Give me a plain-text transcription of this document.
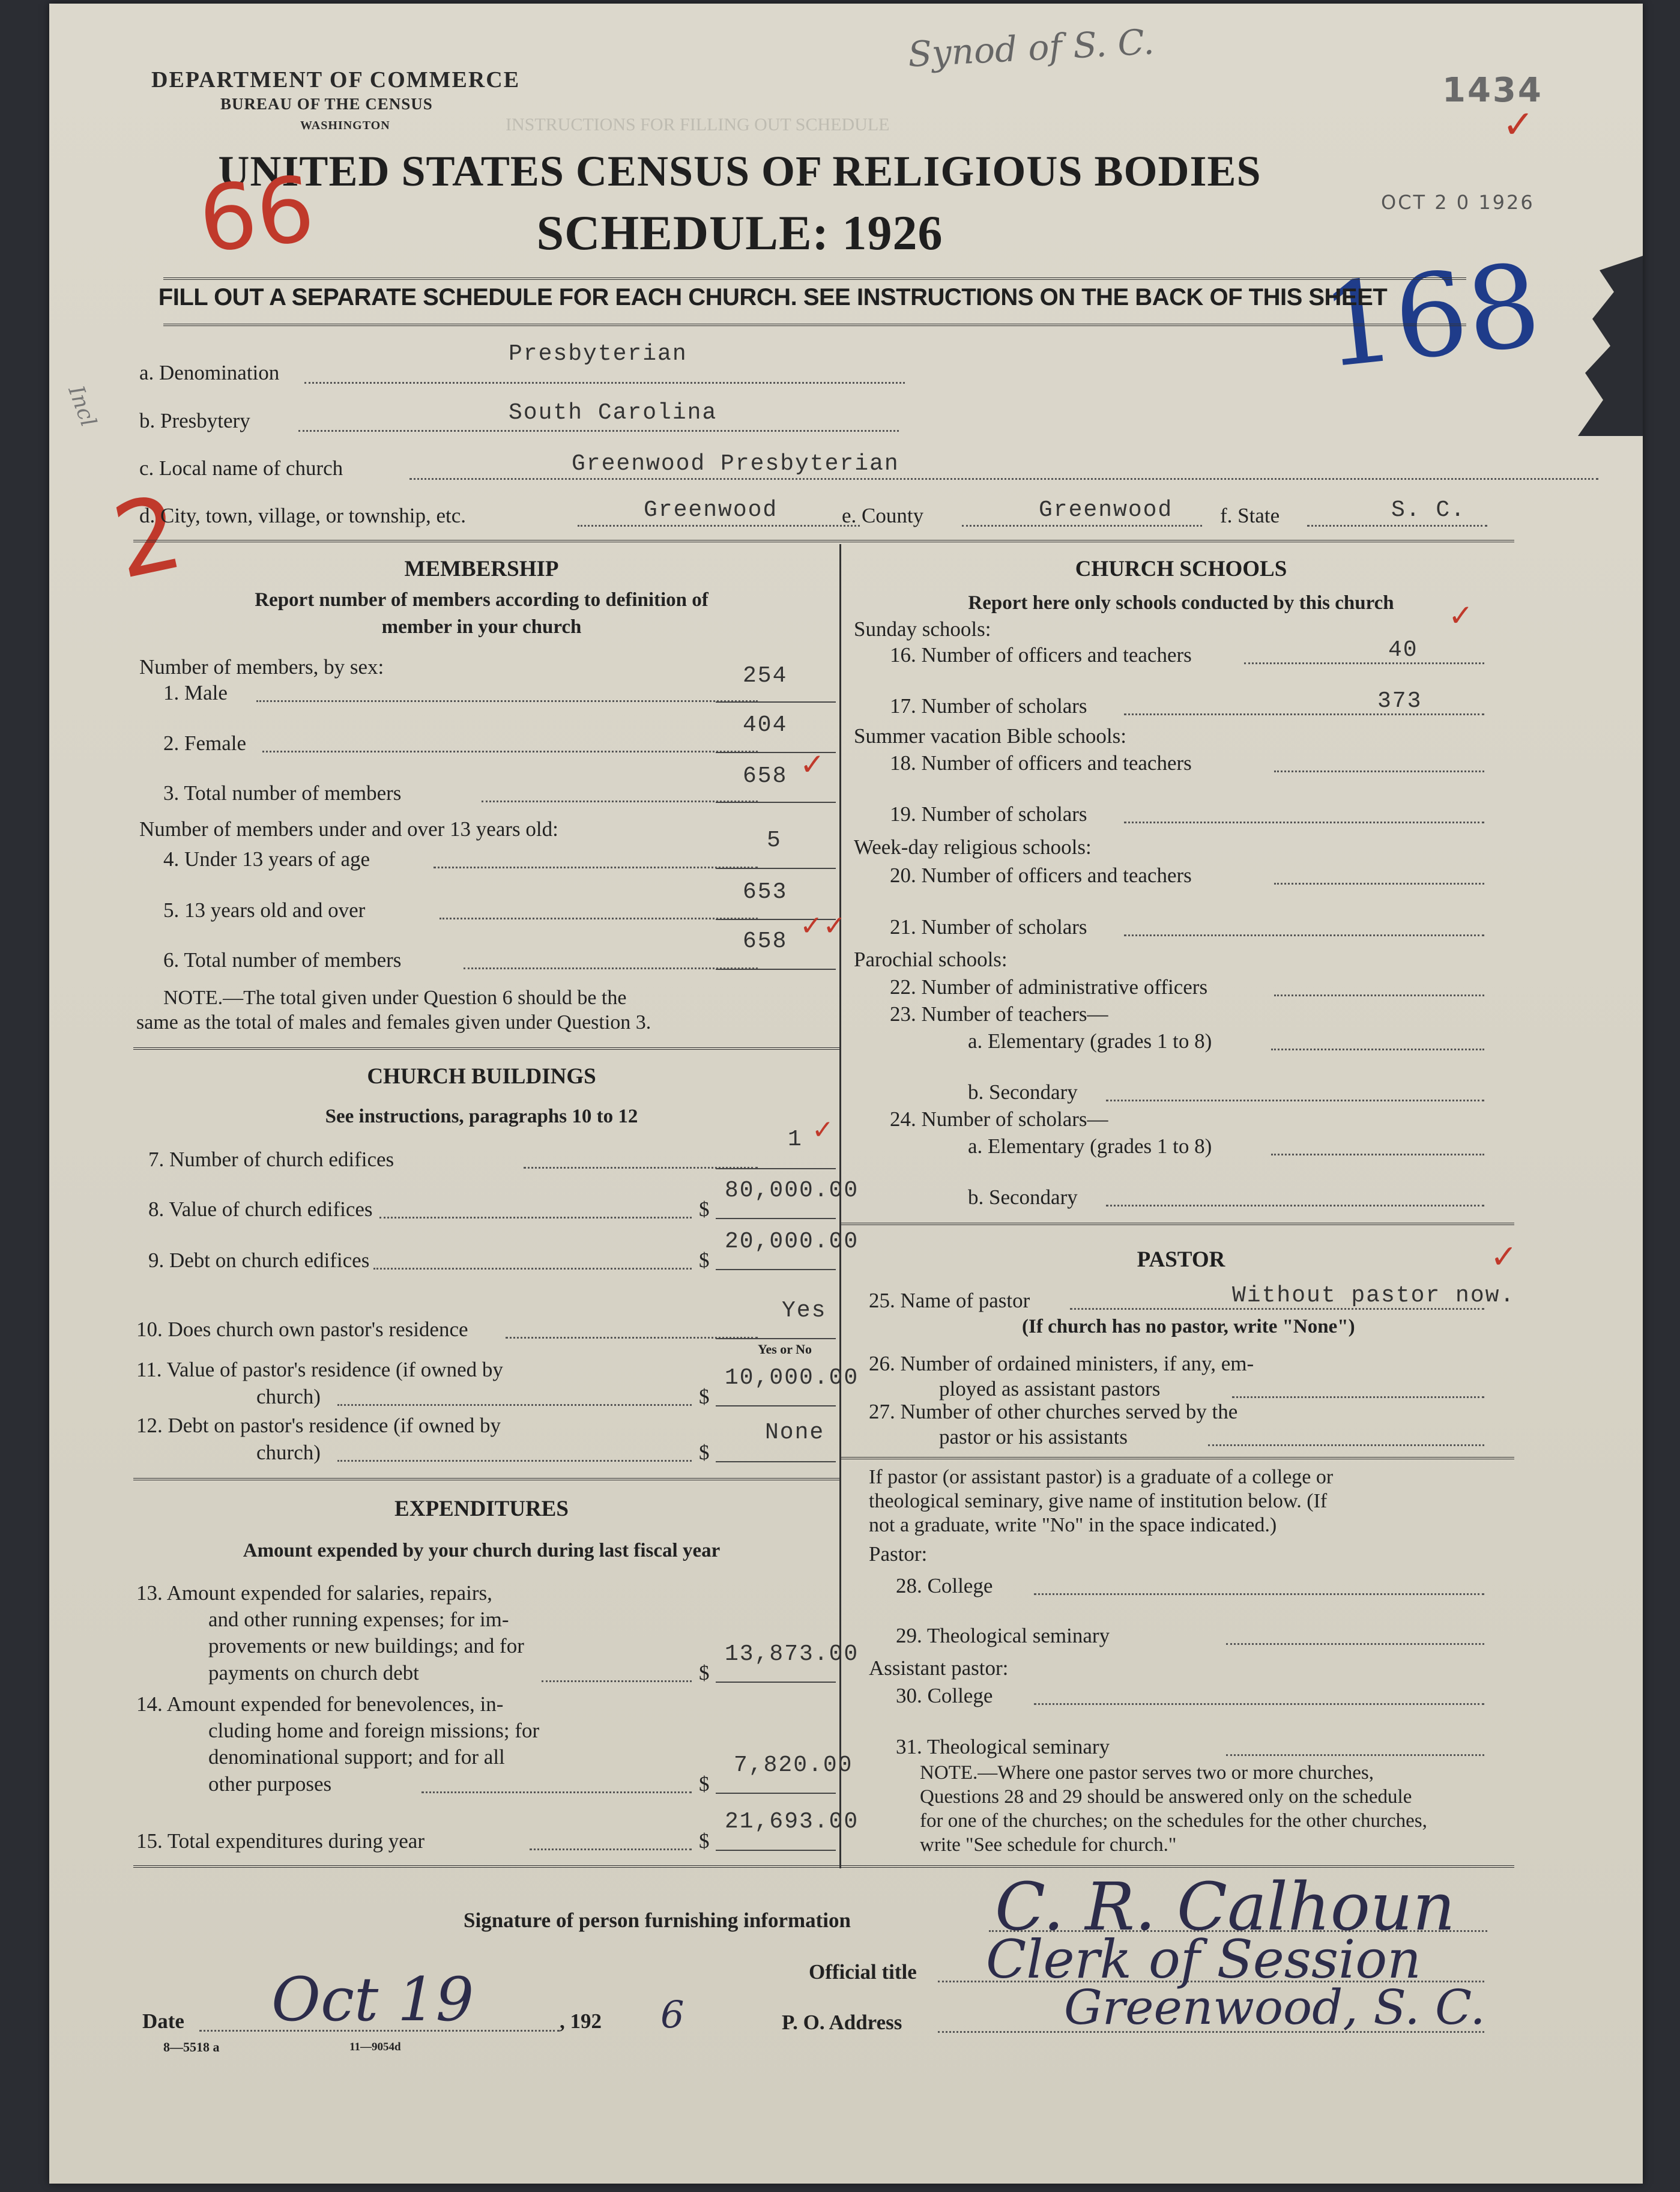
INSTRUCTIONS FOR FILLING OUT SCHEDULE
DEPARTMENT OF COMMERCE
BUREAU OF THE CENSUS
WASHINGTON
UNITED STATES CENSUS OF RELIGIOUS BODIES
SCHEDULE: 1926
1434
OCT 2 0 1926
Synod of S. C.
66
168
Incl
2
✓
FILL OUT A SEPARATE SCHEDULE FOR EACH CHURCH. SEE INSTRUCTIONS ON THE BACK OF THIS SHEET
a. Denomination
Presbyterian
b. Presbytery	South Carolina
c. Local name of church	Greenwood Presbyterian
d. City, town, village, or township, etc.	Greenwood	e. County	Greenwood f. State	S. C.
MEMBERSHIP
Report number of members according to definition of
member in your church
Number of members, by sex:
1. Male
254
2. Female
404
3. Total number of members
658 ✓
Number of members under and over 13 years old:
4. Under 13 years of age
5
5. 13 years old and over
653
6. Total number of members
658 ✓✓
NOTE.—The total given under Question 6 should be the
same as the total of males and females given under Question 3.
CHURCH BUILDINGS
See instructions, paragraphs 10 to 12
7. Number of church edifices
1 ✓
8. Value of church edifices	$
80,000.00
9. Debt on church edifices	$
20,000.00
10. Does church own pastor's residence
Yes
Yes or No
11. Value of pastor's residence (if owned by
church)	$
10,000.00
12. Debt on pastor's residence (if owned by
church)	$
None
EXPENDITURES
Amount expended by your church during last fiscal year
13. Amount expended for salaries, repairs,
and other running expenses; for im-
provements or new buildings; and for
payments on church debt	$
13,873.00
14. Amount expended for benevolences, in-
cluding home and foreign missions; for
denominational support; and for all
other purposes	$
7,820.00
15. Total expenditures during year	$
21,693.00
CHURCH SCHOOLS
Report here only schools conducted by this church
Sunday schools:
16. Number of officers and teachers	40
✓
17. Number of scholars	373
Summer vacation Bible schools:
18. Number of officers and teachers
19. Number of scholars
Week-day religious schools:
20. Number of officers and teachers
21. Number of scholars
Parochial schools:
22. Number of administrative officers
23. Number of teachers—
a. Elementary (grades 1 to 8)
b. Secondary
24. Number of scholars—
a. Elementary (grades 1 to 8)
b. Secondary
PASTOR	✓
25. Name of pastor	Without pastor now.
(If church has no pastor, write "None")
26. Number of ordained ministers, if any, em-
ployed as assistant pastors
27. Number of other churches served by the
pastor or his assistants
If pastor (or assistant pastor) is a graduate of a college or
theological seminary, give name of institution below. (If
not a graduate, write "No" in the space indicated.)
Pastor:
28. College
29. Theological seminary
Assistant pastor:
30. College
31. Theological seminary
NOTE.—Where one pastor serves two or more churches,
Questions 28 and 29 should be answered only on the schedule
for one of the churches; on the schedules for the other churches,
write "See schedule for church."
Signature of person furnishing information C. R. Calhoun
Official title Clerk of Session
Date Oct 19	, 192 6	P. O. Address	Greenwood, S. C.
8—5518 a	11—9054d
